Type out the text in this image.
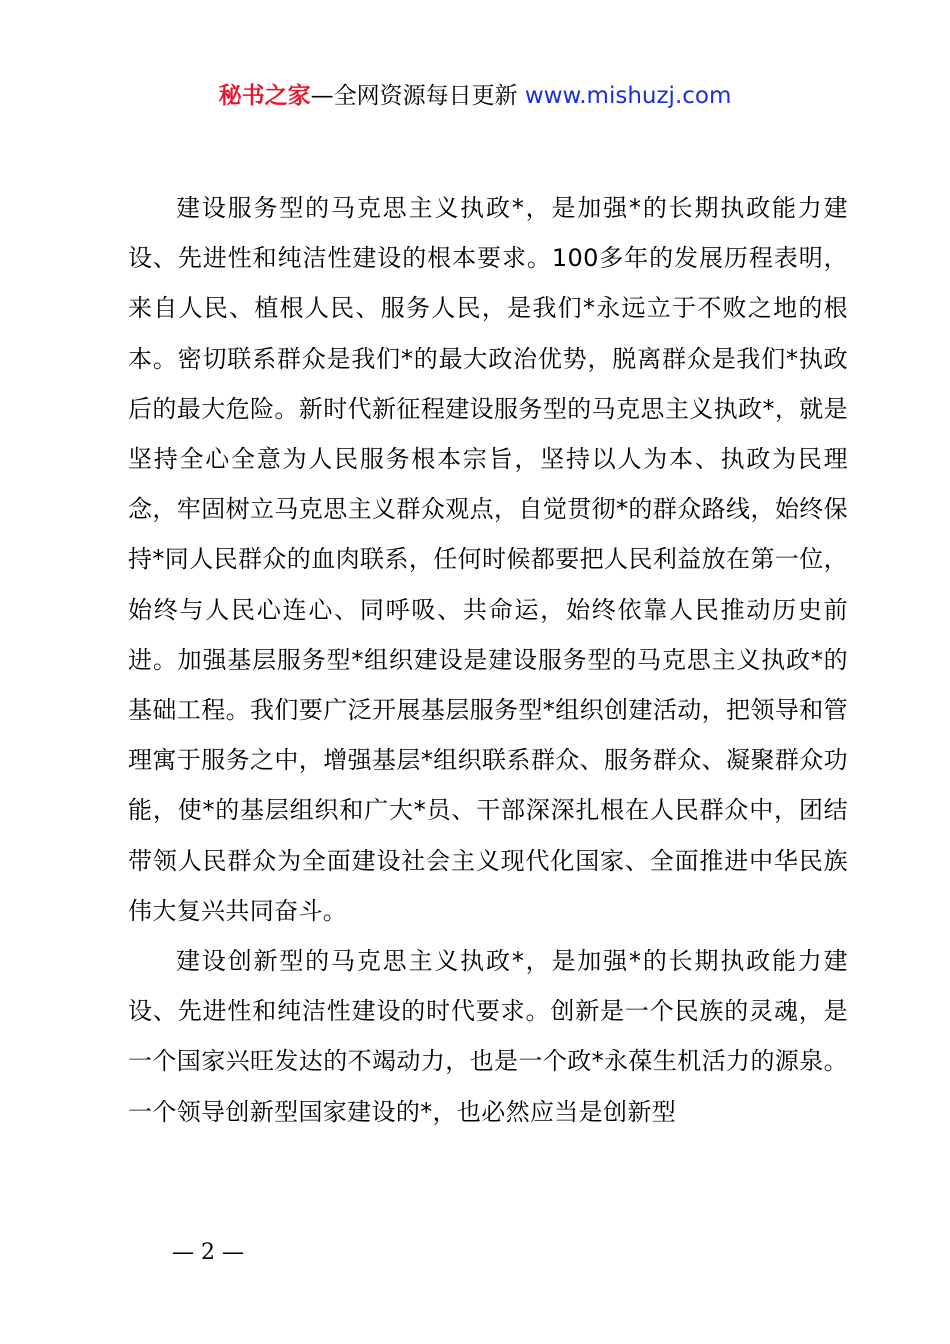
秘书之家—全网资源每日更新 www.mishuzj.com

建设服务型的马克思主义执政*，是加强*的长期执政能力建设、先进性和纯洁性建设的根本要求。100多年的发展历程表明，来自人民、植根人民、服务人民，是我们*永远立于不败之地的根本。密切联系群众是我们*的最大政治优势，脱离群众是我们*执政后的最大危险。新时代新征程建设服务型的马克思主义执政*，就是坚持全心全意为人民服务根本宗旨，坚持以人为本、执政为民理念，牢固树立马克思主义群众观点，自觉贯彻*的群众路线，始终保持*同人民群众的血肉联系，任何时候都要把人民利益放在第一位，始终与人民心连心、同呼吸、共命运，始终依靠人民推动历史前进。加强基层服务型*组织建设是建设服务型的马克思主义执政*的基础工程。我们要广泛开展基层服务型*组织创建活动，把领导和管理寓于服务之中，增强基层*组织联系群众、服务群众、凝聚群众功能，使*的基层组织和广大*员、干部深深扎根在人民群众中，团结带领人民群众为全面建设社会主义现代化国家、全面推进中华民族伟大复兴共同奋斗。

建设创新型的马克思主义执政*，是加强*的长期执政能力建设、先进性和纯洁性建设的时代要求。创新是一个民族的灵魂，是一个国家兴旺发达的不竭动力，也是一个政*永葆生机活力的源泉。一个领导创新型国家建设的*，也必然应当是创新型

— 2 —
